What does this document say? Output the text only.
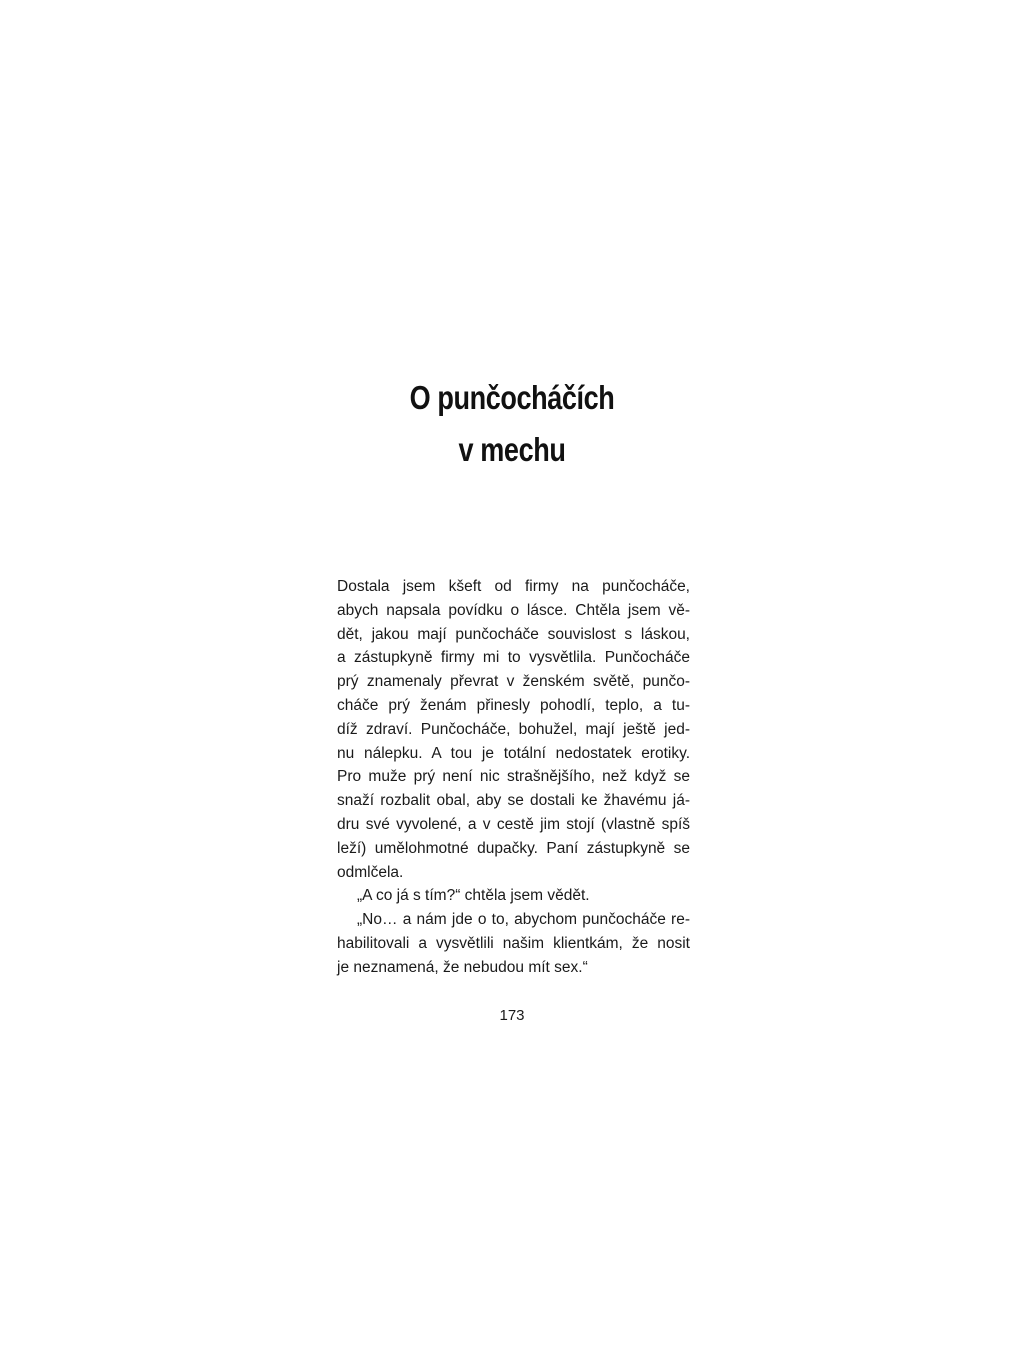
O punčocháčích
v mechu
Dostala jsem kšeft od firmy na punčocháče,
abych napsala povídku o lásce. Chtěla jsem vě-
dět, jakou mají punčocháče souvislost s láskou,
a zástupkyně firmy mi to vysvětlila. Punčocháče
prý znamenaly převrat v ženském světě, punčo-
cháče prý ženám přinesly pohodlí, teplo, a tu-
díž zdraví. Punčocháče, bohužel, mají ještě jed-
nu nálepku. A tou je totální nedostatek erotiky.
Pro muže prý není nic strašnějšího, než když se
snaží rozbalit obal, aby se dostali ke žhavému já-
dru své vyvolené, a v cestě jim stojí (vlastně spíš
leží) umělohmotné dupačky. Paní zástupkyně se
odmlčela.
„A co já s tím?“ chtěla jsem vědět.
„No… a nám jde o to, abychom punčocháče re-
habilitovali a vysvětlili našim klientkám, že nosit
je neznamená, že nebudou mít sex.“
173
